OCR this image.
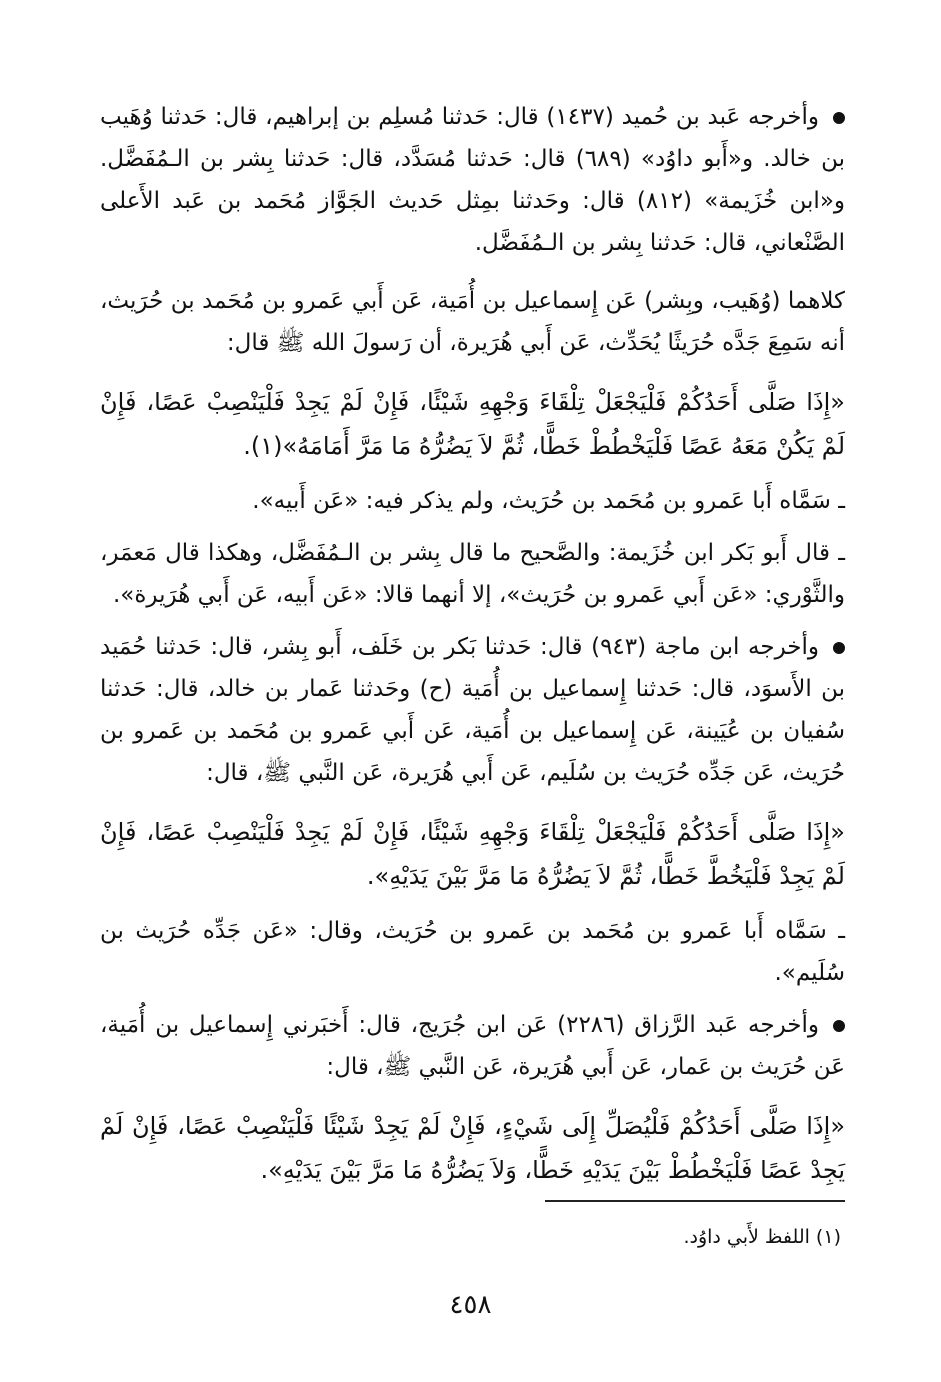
وأخرجه عَبد بن حُميد (١٤٣٧) قال: حَدثنا مُسلِم بن إبراهيم، قال: حَدثنا وُهَيب بن خالد. و«أَبو داوُد» (٦٨٩) قال: حَدثنا مُسَدَّد، قال: حَدثنا بِشر بن الـمُفَضَّل. و«ابن خُزَيمة» (٨١٢) قال: وحَدثنا بمِثل حَديث الجَوَّاز مُحَمد بن عَبد الأَعلى الصَّنْعاني، قال: حَدثنا بِشر بن الـمُفَضَّل.

كلاهما (وُهَيب، وبِشر) عَن إِسماعيل بن أُمَية، عَن أَبي عَمرو بن مُحَمد بن حُرَيث، أنه سَمِعَ جَدَّه حُرَيثًا يُحَدِّث، عَن أَبي هُرَيرة، أن رَسولَ الله ﷺ قال:

«إِذَا صَلَّى أَحَدُكُمْ فَلْيَجْعَلْ تِلْقَاءَ وَجْهِهِ شَيْئًا، فَإِنْ لَمْ يَجِدْ فَلْيَنْصِبْ عَصًا، فَإِنْ لَمْ يَكُنْ مَعَهُ عَصًا فَلْيَخْطُطْ خَطًّا، ثُمَّ لاَ يَضُرُّهُ مَا مَرَّ أَمَامَهُ»(١).

ـ سَمَّاه أَبا عَمرو بن مُحَمد بن حُرَيث، ولم يذكر فيه: «عَن أَبيه».

ـ قال أَبو بَكر ابن خُزَيمة: والصَّحيح ما قال بِشر بن الـمُفَضَّل، وهكذا قال مَعمَر، والثَّوْري: «عَن أَبي عَمرو بن حُرَيث»، إلا أنهما قالا: «عَن أَبيه، عَن أَبي هُرَيرة».

وأخرجه ابن ماجة (٩٤٣) قال: حَدثنا بَكر بن خَلَف، أَبو بِشر، قال: حَدثنا حُمَيد بن الأَسوَد، قال: حَدثنا إِسماعيل بن أُمَية (ح) وحَدثنا عَمار بن خالد، قال: حَدثنا سُفيان بن عُيَينة، عَن إِسماعيل بن أُمَية، عَن أَبي عَمرو بن مُحَمد بن عَمرو بن حُرَيث، عَن جَدِّه حُرَيث بن سُلَيم، عَن أَبي هُرَيرة، عَن النَّبي ﷺ، قال:

«إِذَا صَلَّى أَحَدُكُمْ فَلْيَجْعَلْ تِلْقَاءَ وَجْهِهِ شَيْئًا، فَإِنْ لَمْ يَجِدْ فَلْيَنْصِبْ عَصًا، فَإِنْ لَمْ يَجِدْ فَلْيَخُطَّ خَطًّا، ثُمَّ لاَ يَضُرُّهُ مَا مَرَّ بَيْنَ يَدَيْهِ».

ـ سَمَّاه أَبا عَمرو بن مُحَمد بن عَمرو بن حُرَيث، وقال: «عَن جَدِّه حُرَيث بن سُلَيم».

وأخرجه عَبد الرَّزاق (٢٢٨٦) عَن ابن جُرَيج، قال: أَخبَرني إِسماعيل بن أُمَية، عَن حُرَيث بن عَمار، عَن أَبي هُرَيرة، عَن النَّبي ﷺ، قال:

«إِذَا صَلَّى أَحَدُكُمْ فَلْيُصَلِّ إِلَى شَيْءٍ، فَإِنْ لَمْ يَجِدْ شَيْئًا فَلْيَنْصِبْ عَصًا، فَإِنْ لَمْ يَجِدْ عَصًا فَلْيَخْطُطْ بَيْنَ يَدَيْهِ خَطًّا، وَلاَ يَضُرُّهُ مَا مَرَّ بَيْنَ يَدَيْهِ».

(١) اللفظ لأَبي داوُد.
٤٥٨
